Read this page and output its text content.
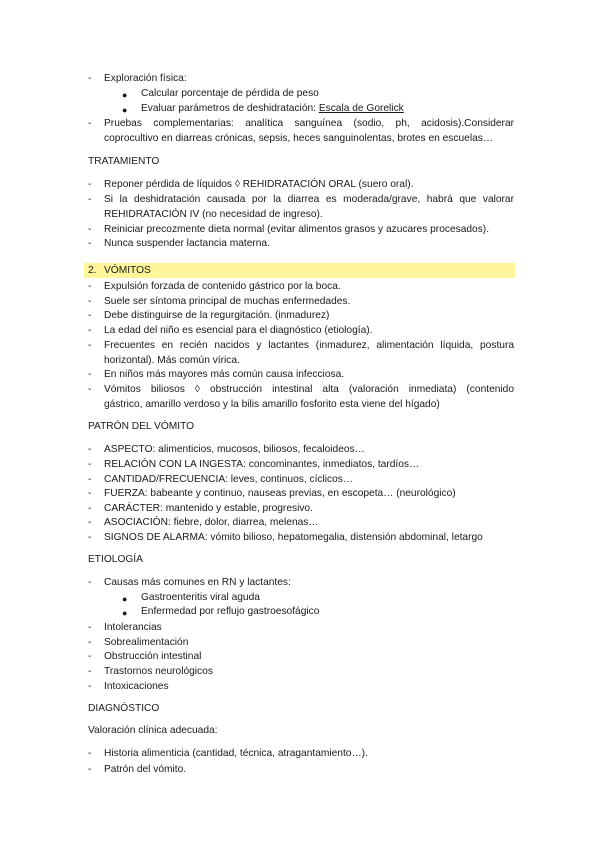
- Exploración física:
● Calcular porcentaje de pérdida de peso
● Evaluar parámetros de deshidratación: Escala de Gorelick
- Pruebas complementarias: analítica sanguínea (sodio, ph, acidosis).Considerar
coprocultivo en diarreas crónicas, sepsis, heces sanguinolentas, brotes en escuelas…
TRATAMIENTO
- Reponer pérdida de líquidos ◊ REHIDRATACIÓN ORAL (suero oral).
- Si la deshidratación causada por la diarrea es moderada/grave, habrá que valorar
REHIDRATACIÓN IV (no necesidad de ingreso).
- Reiniciar precozmente dieta normal (evitar alimentos grasos y azucares procesados).
- Nunca suspender lactancia materna.
2. VÓMITOS
- Expulsión forzada de contenido gástrico por la boca.
- Suele ser síntoma principal de muchas enfermedades.
- Debe distinguirse de la regurgitación. (inmadurez)
- La edad del niño es esencial para el diagnóstico (etiología).
- Frecuentes en recién nacidos y lactantes (inmadurez, alimentación líquida, postura
horizontal). Más común vírica.
- En niños más mayores más común causa infecciosa.
- Vómitos biliosos ◊ obstrucción intestinal alta (valoración inmediata) (contenido
gástrico, amarillo verdoso y la bilis amarillo fosforito esta viene del hígado)
PATRÓN DEL VÓMITO
- ASPECTO: alimenticios, mucosos, biliosos, fecaloideos…
- RELACIÓN CON LA INGESTA: concominantes, inmediatos, tardíos…
- CANTIDAD/FRECUENCIA: leves, continuos, cíclicos…
- FUERZA: babeante y continuo, nauseas previas, en escopeta… (neurológico)
- CARÁCTER: mantenido y estable, progresivo.
- ASOCIACIÓN: fiebre, dolor, diarrea, melenas…
- SIGNOS DE ALARMA: vómito bilioso, hepatomegalia, distensión abdominal, letargo
ETIOLOGÍA
- Causas más comunes en RN y lactantes:
● Gastroenteritis viral aguda
● Enfermedad por reflujo gastroesofágico
- Intolerancias
- Sobrealimentación
- Obstrucción intestinal
- Trastornos neurológicos
- Intoxicaciones
DIAGNÓSTICO
Valoración clínica adecuada:
- Historia alimenticia (cantidad, técnica, atragantamiento…).
- Patrón del vómito.
